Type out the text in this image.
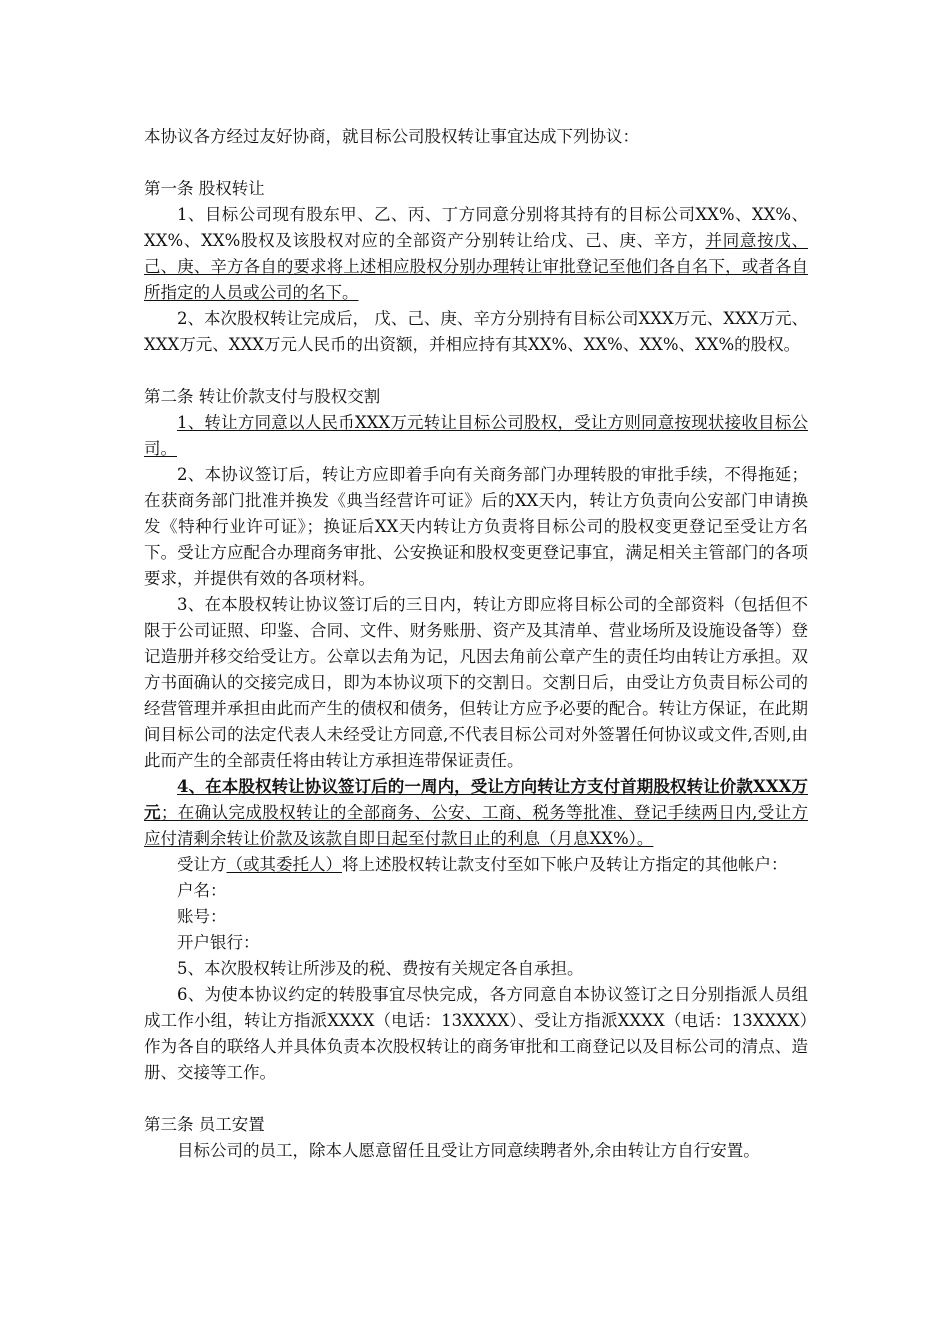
本协议各方经过友好协商，就目标公司股权转让事宜达成下列协议：

第一条 股权转让

1、目标公司现有股东甲、乙、丙、丁方同意分别将其持有的目标公司XX%、XX%、XX%、XX%股权及该股权对应的全部资产分别转让给戊、己、庚、辛方，并同意按戊、己、庚、辛方各自的要求将上述相应股权分别办理转让审批登记至他们各自名下，或者各自所指定的人员或公司的名下。

2、本次股权转让完成后， 戊、己、庚、辛方分别持有目标公司XXX万元、XXX万元、XXX万元、XXX万元人民币的出资额，并相应持有其XX%、XX%、XX%、XX%的股权。

第二条 转让价款支付与股权交割

1、转让方同意以人民币XXX万元转让目标公司股权，受让方则同意按现状接收目标公司。

2、本协议签订后，转让方应即着手向有关商务部门办理转股的审批手续，不得拖延；在获商务部门批准并换发《典当经营许可证》后的XX天内，转让方负责向公安部门申请换发《特种行业许可证》；换证后XX天内转让方负责将目标公司的股权变更登记至受让方名下。受让方应配合办理商务审批、公安换证和股权变更登记事宜，满足相关主管部门的各项要求，并提供有效的各项材料。

3、在本股权转让协议签订后的三日内，转让方即应将目标公司的全部资料（包括但不限于公司证照、印鉴、合同、文件、财务账册、资产及其清单、营业场所及设施设备等）登记造册并移交给受让方。公章以去角为记，凡因去角前公章产生的责任均由转让方承担。双方书面确认的交接完成日，即为本协议项下的交割日。交割日后，由受让方负责目标公司的经营管理并承担由此而产生的债权和债务，但转让方应予必要的配合。转让方保证，在此期间目标公司的法定代表人未经受让方同意,不代表目标公司对外签署任何协议或文件,否则,由此而产生的全部责任将由转让方承担连带保证责任。

4、在本股权转让协议签订后的一周内，受让方向转让方支付首期股权转让价款XXX万元；在确认完成股权转让的全部商务、公安、工商、税务等批准、登记手续两日内,受让方应付清剩余转让价款及该款自即日起至付款日止的利息（月息XX%）。

受让方（或其委托人）将上述股权转让款支付至如下帐户及转让方指定的其他帐户：

户名：

账号：

开户银行：

5、本次股权转让所涉及的税、费按有关规定各自承担。

6、为使本协议约定的转股事宜尽快完成，各方同意自本协议签订之日分别指派人员组成工作小组，转让方指派XXXX（电话：13XXXX）、受让方指派XXXX（电话：13XXXX）作为各自的联络人并具体负责本次股权转让的商务审批和工商登记以及目标公司的清点、造册、交接等工作。

第三条 员工安置

目标公司的员工，除本人愿意留任且受让方同意续聘者外,余由转让方自行安置。
